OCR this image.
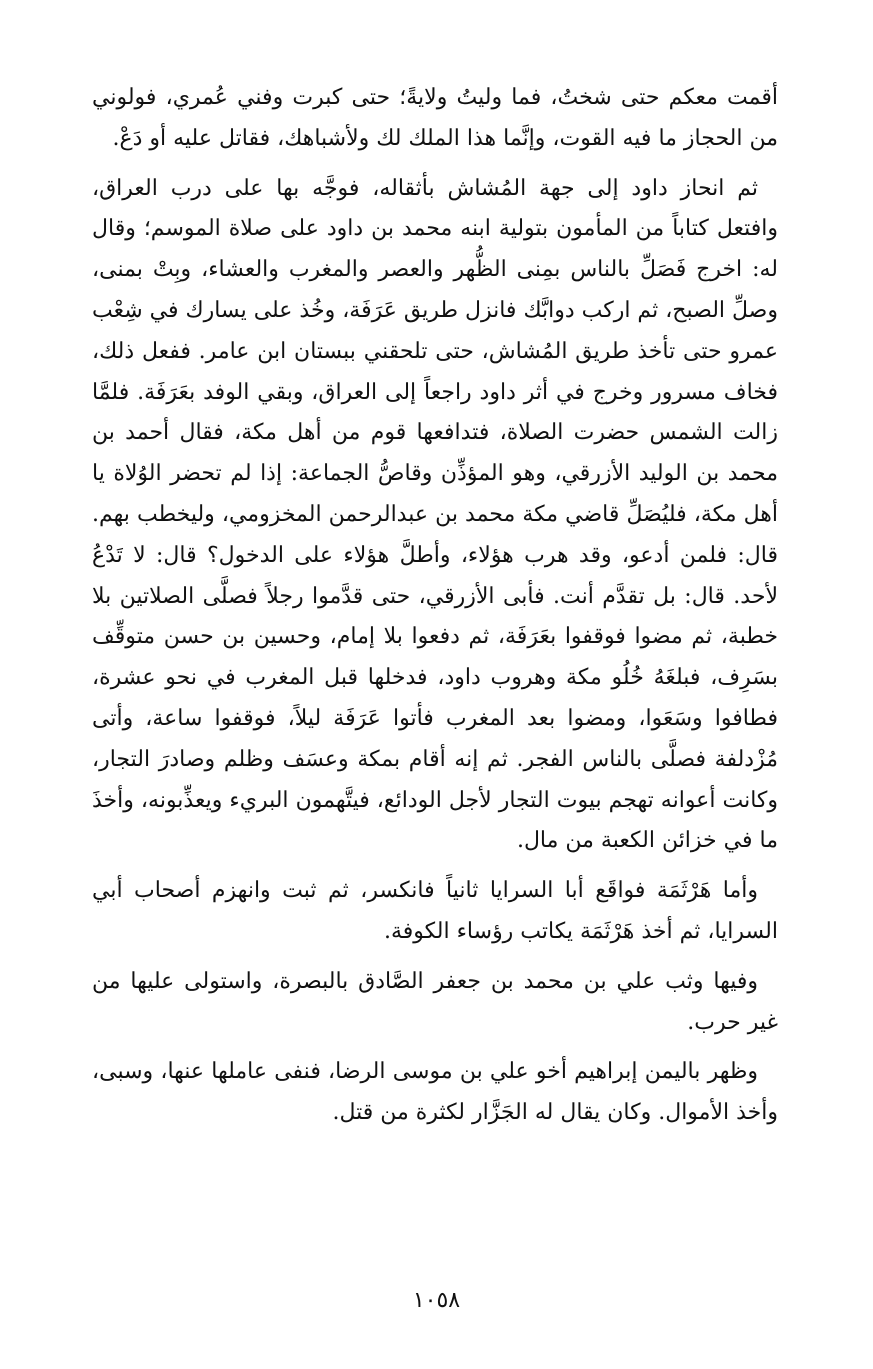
أقمت معكم حتى شختُ، فما وليتُ ولايةً؛ حتى كبرت وفني عُمري، فولوني من الحجاز ما فيه القوت، وإنَّما هذا الملك لك ولأشباهك، فقاتل عليه أو دَعْ.

ثم انحاز داود إلى جهة المُشاش بأثقاله، فوجَّه بها على درب العراق، وافتعل كتاباً من المأمون بتولية ابنه محمد بن داود على صلاة الموسم؛ وقال له: اخرج فَصَلِّ بالناس بمِنى الظُّهر والعصر والمغرب والعشاء، وبِتْ بمنى، وصلِّ الصبح، ثم اركب دوابَّك فانزل طريق عَرَفَة، وخُذ على يسارك في شِعْب عمرو حتى تأخذ طريق المُشاش، حتى تلحقني ببستان ابن عامر. ففعل ذلك، فخاف مسرور وخرج في أثر داود راجعاً إلى العراق، وبقي الوفد بعَرَفَة. فلمَّا زالت الشمس حضرت الصلاة، فتدافعها قوم من أهل مكة، فقال أحمد بن محمد بن الوليد الأزرقي، وهو المؤذِّن وقاصُّ الجماعة: إذا لم تحضر الوُلاة يا أهل مكة، فليُصَلِّ قاضي مكة محمد بن عبدالرحمن المخزومي، وليخطب بهم. قال: فلمن أدعو، وقد هرب هؤلاء، وأطلَّ هؤلاء على الدخول؟ قال: لا تَدْعُ لأحد. قال: بل تقدَّم أنت. فأبى الأزرقي، حتى قدَّموا رجلاً فصلَّى الصلاتين بلا خطبة، ثم مضوا فوقفوا بعَرَفَة، ثم دفعوا بلا إمام، وحسين بن حسن متوقِّف بسَرِف، فبلغَهُ خُلُو مكة وهروب داود، فدخلها قبل المغرب في نحو عشرة، فطافوا وسَعَوا، ومضوا بعد المغرب فأتوا عَرَفَة ليلاً، فوقفوا ساعة، وأتى مُزْدلفة فصلَّى بالناس الفجر. ثم إنه أقام بمكة وعسَف وظلم وصادرَ التجار، وكانت أعوانه تهجم بيوت التجار لأجل الودائع، فيتَّهمون البريء ويعذِّبونه، وأخذَ ما في خزائن الكعبة من مال.

وأما هَرْثَمَة فواقَع أبا السرايا ثانياً فانكسر، ثم ثبت وانهزم أصحاب أبي السرايا، ثم أخذ هَرْثَمَة يكاتب رؤساء الكوفة.

وفيها وثب علي بن محمد بن جعفر الصَّادق بالبصرة، واستولى عليها من غير حرب.

وظهر باليمن إبراهيم أخو علي بن موسى الرضا، فنفى عاملها عنها، وسبى، وأخذ الأموال. وكان يقال له الجَزَّار لكثرة من قتل.

١٠٥٨
